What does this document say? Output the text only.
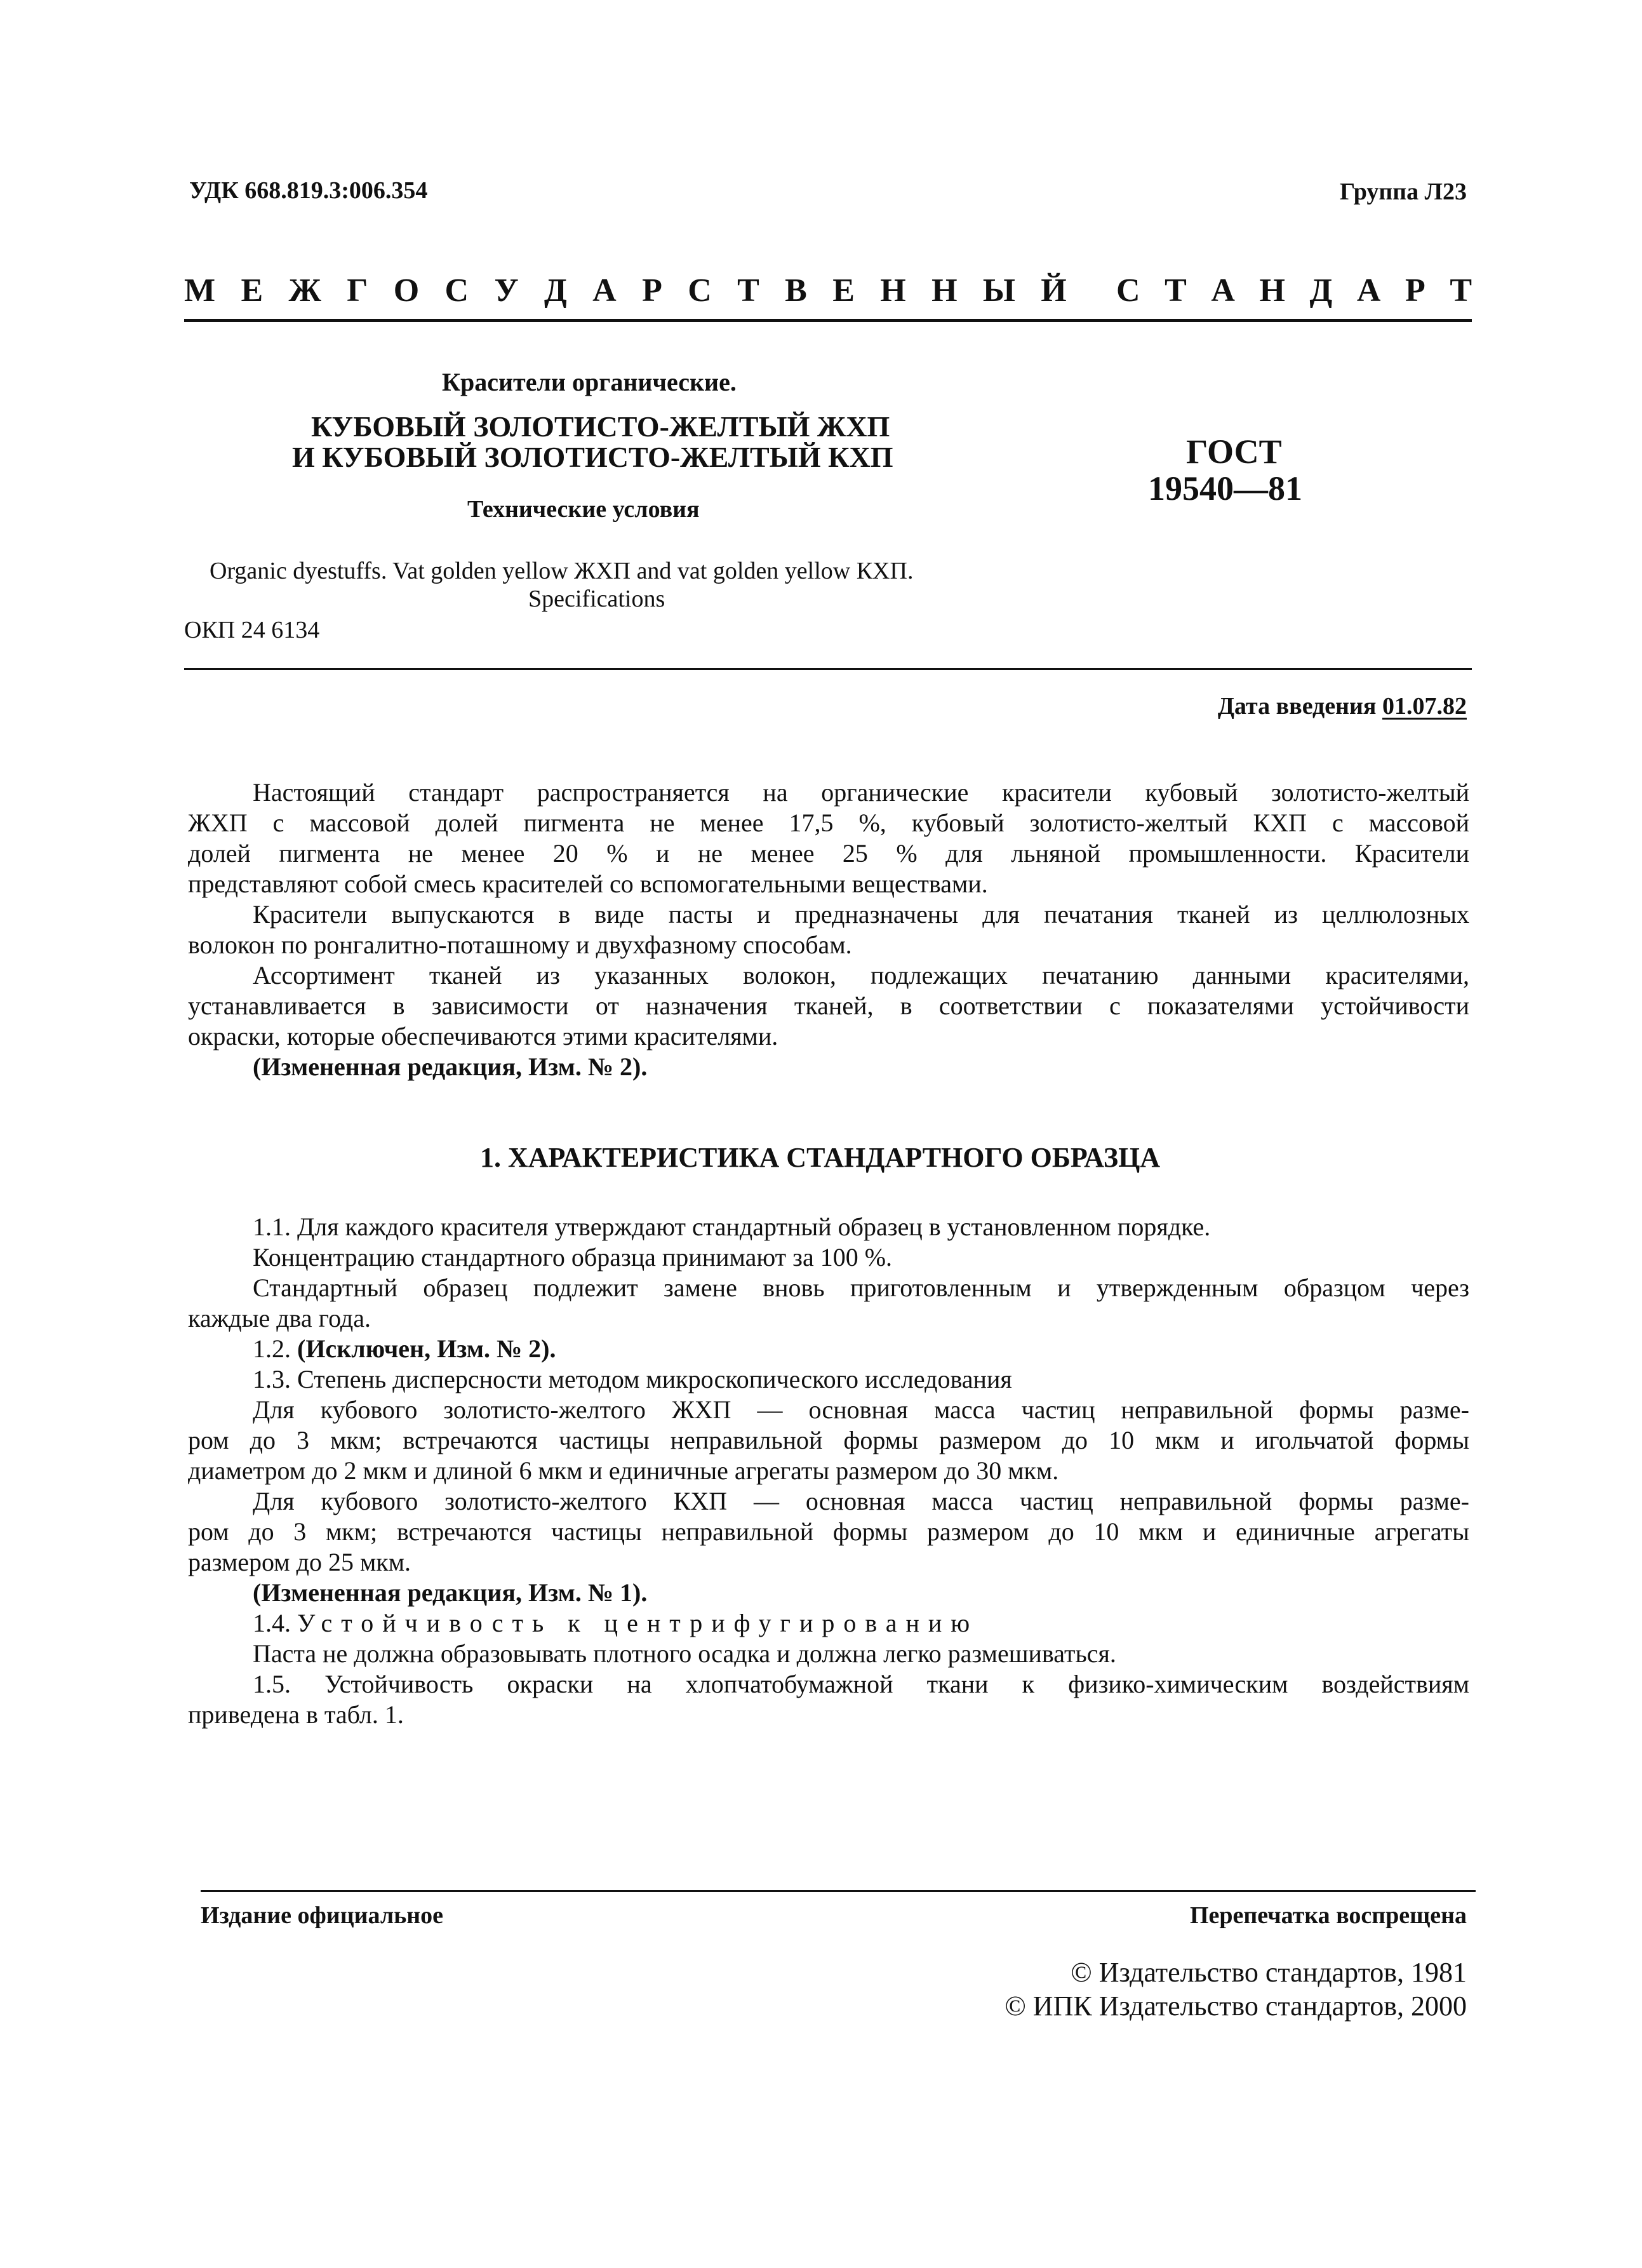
УДК 668.819.3:006.354	Группа Л23
М Е Ж Г О С У Д А Р С Т В Е Н Н Ы Й С Т А Н Д А Р Т
Красители органические.
КУБОВЫЙ ЗОЛОТИСТО-ЖЕЛТЫЙ ЖХП
И КУБОВЫЙ ЗОЛОТИСТО-ЖЕЛТЫЙ КХП
Технические условия
ГОСТ
19540—81
Organic dyestuffs. Vat golden yellow ЖХП and vat golden yellow КХП.
Specifications
ОКП 24 6134
Дата введения 01.07.82
Настоящий стандарт распространяется на органические красители кубовый золотисто-желтый
ЖХП с массовой долей пигмента не менее 17,5 %, кубовый золотисто-желтый КХП с массовой
долей пигмента не менее 20 % и не менее 25 % для льняной промышленности. Красители
представляют собой смесь красителей со вспомогательными веществами.
Красители выпускаются в виде пасты и предназначены для печатания тканей из целлюлозных
волокон по ронгалитно-поташному и двухфазному способам.
Ассортимент тканей из указанных волокон, подлежащих печатанию данными красителями,
устанавливается в зависимости от назначения тканей, в соответствии с показателями устойчивости
окраски, которые обеспечиваются этими красителями.
(Измененная редакция, Изм. № 2).
1. ХАРАКТЕРИСТИКА СТАНДАРТНОГО ОБРАЗЦА
1.1. Для каждого красителя утверждают стандартный образец в установленном порядке.
Концентрацию стандартного образца принимают за 100 %.
Стандартный образец подлежит замене вновь приготовленным и утвержденным образцом через
каждые два года.
1.2. (Исключен, Изм. № 2).
1.3. Степень дисперсности методом микроскопического исследования
Для кубового золотисто-желтого ЖХП — основная масса частиц неправильной формы разме-
ром до 3 мкм; встречаются частицы неправильной формы размером до 10 мкм и игольчатой формы
диаметром до 2 мкм и длиной 6 мкм и единичные агрегаты размером до 30 мкм.
Для кубового золотисто-желтого КХП — основная масса частиц неправильной формы разме-
ром до 3 мкм; встречаются частицы неправильной формы размером до 10 мкм и единичные агрегаты
размером до 25 мкм.
(Измененная редакция, Изм. № 1).
1.4. Устойчивость к центрифугированию
Паста не должна образовывать плотного осадка и должна легко размешиваться.
1.5. Устойчивость окраски на хлопчатобумажной ткани к физико-химическим воздействиям
приведена в табл. 1.
Издание официальное	Перепечатка воспрещена
© Издательство стандартов, 1981
© ИПК Издательство стандартов, 2000
